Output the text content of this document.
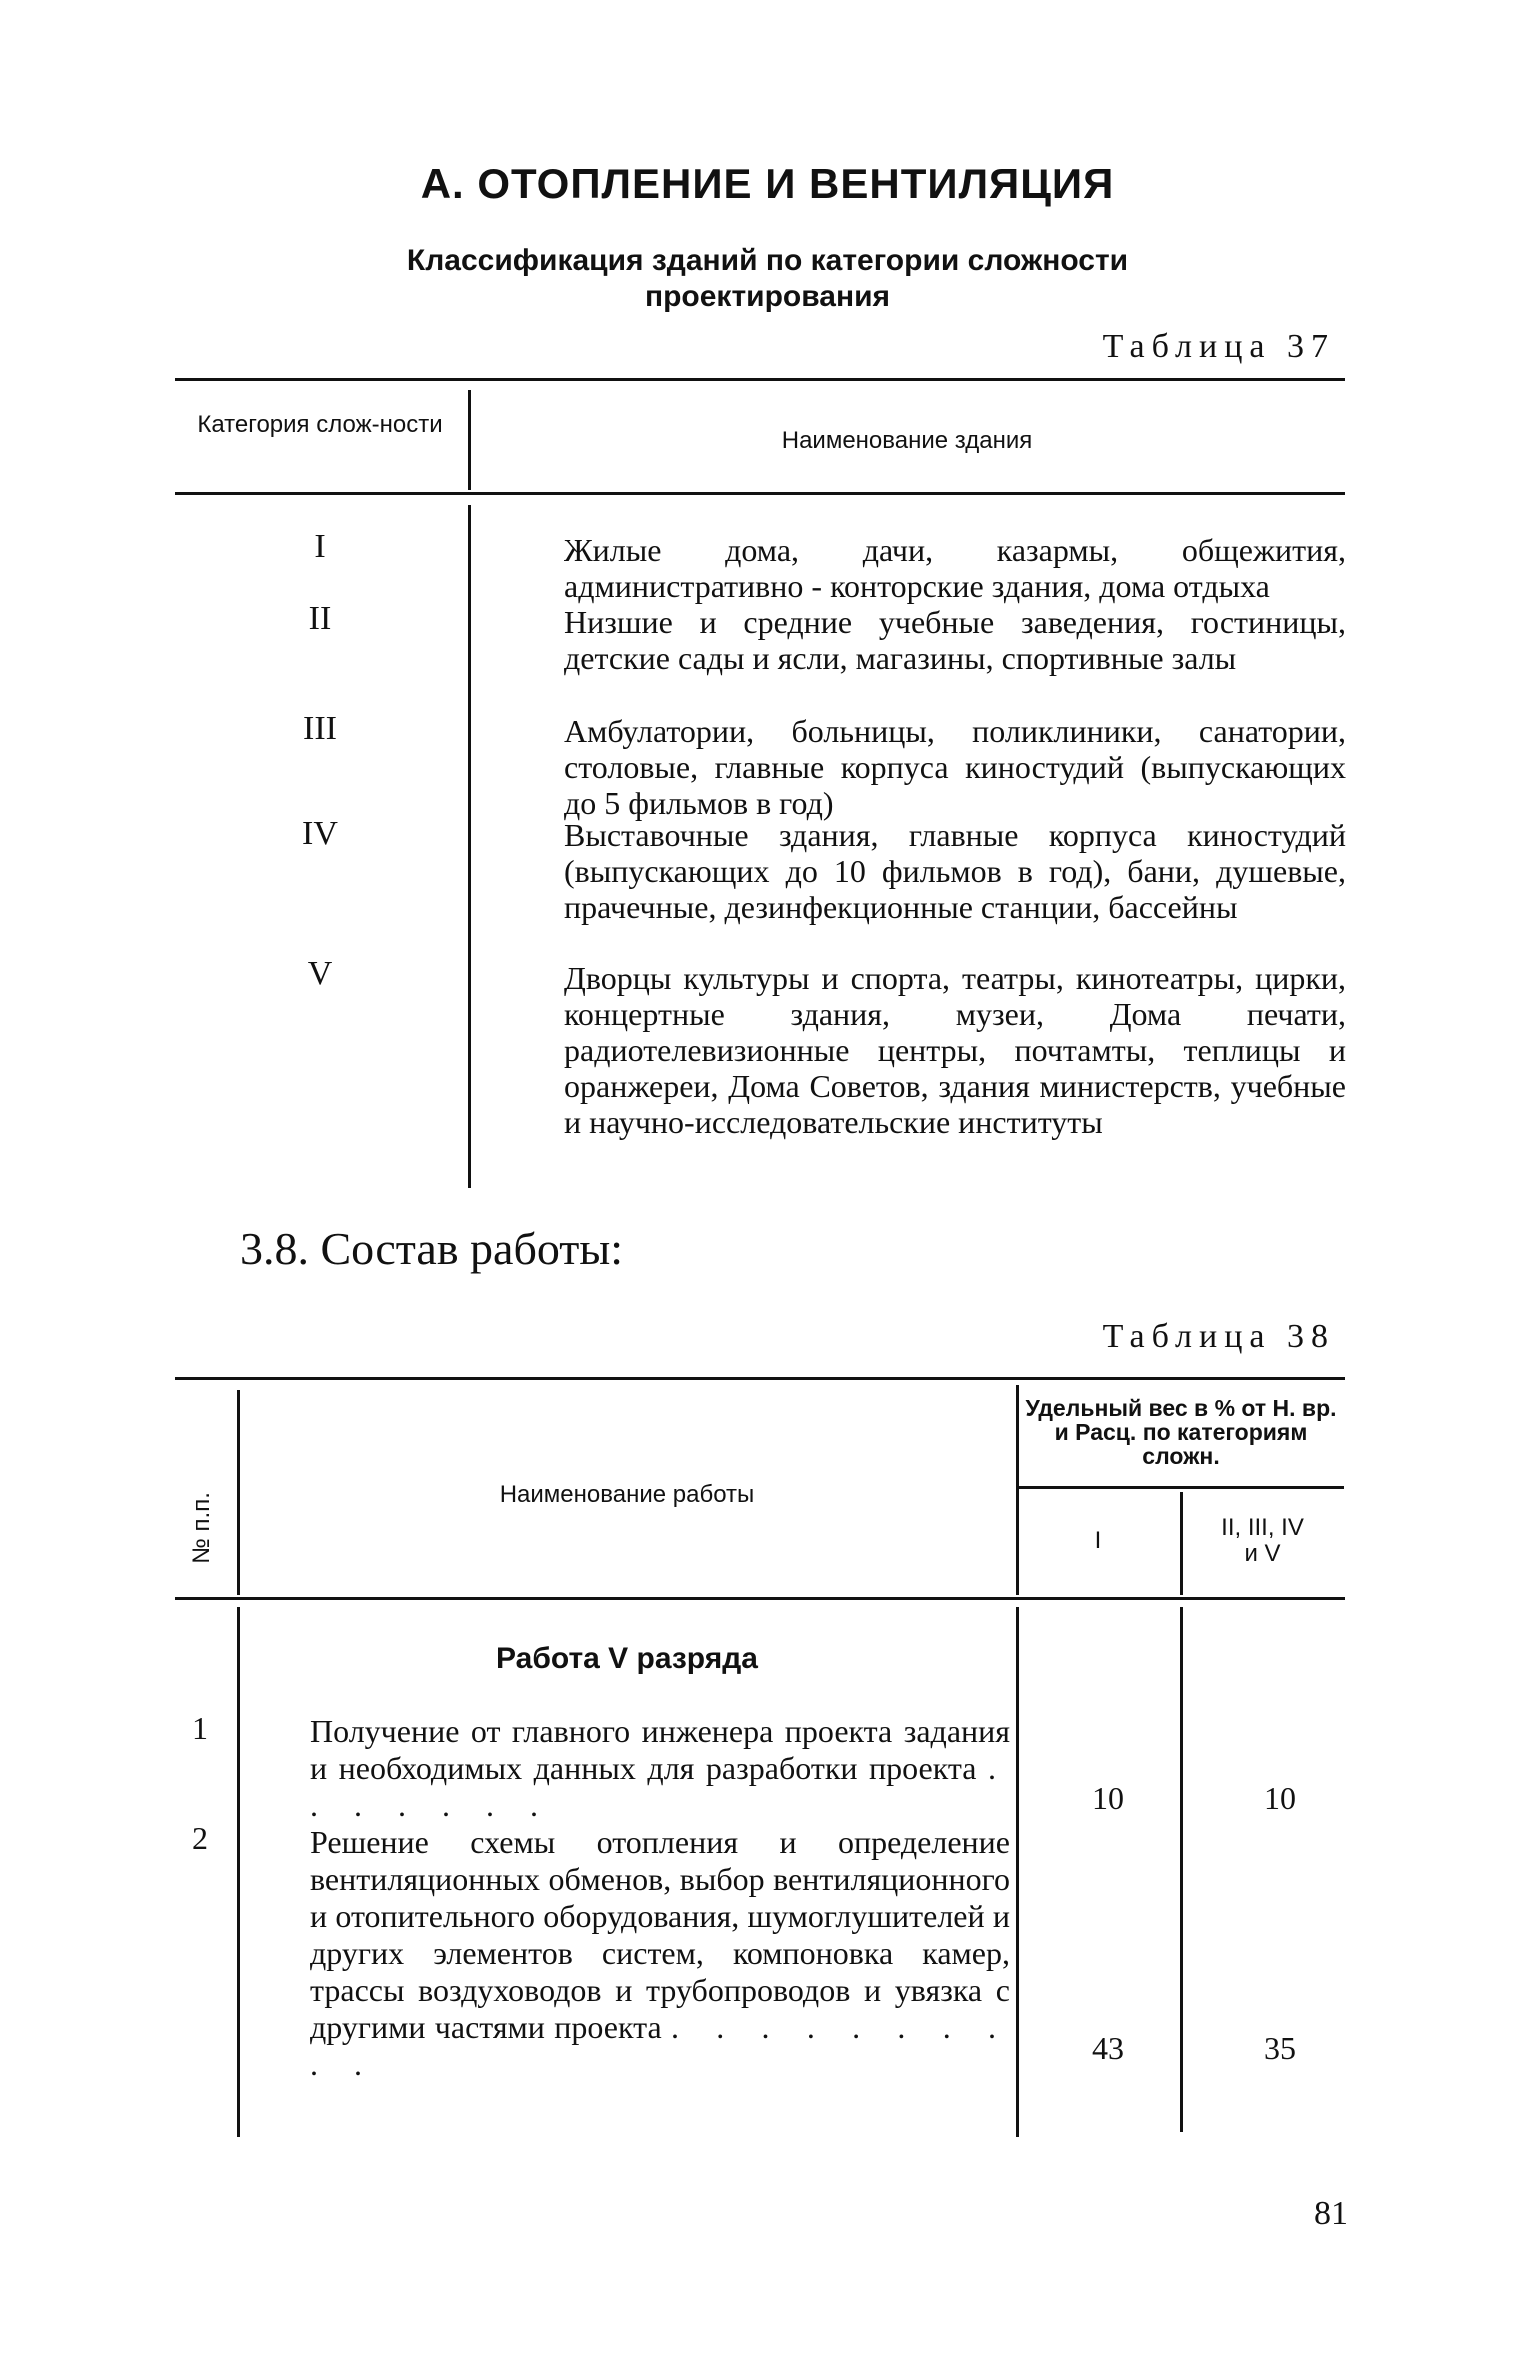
А. ОТОПЛЕНИЕ И ВЕНТИЛЯЦИЯ
Классификация зданий по категории сложности проектирования
Таблица 37
Категория слож-ности
Наименование здания
I	Жилые дома, дачи, казармы, общежития, административно - конторские здания, дома отдыха
II	Низшие и средние учебные заведения, гостиницы, детские сады и ясли, магазины, спортивные залы
III	Амбулатории, больницы, поликлиники, санатории, столовые, главные корпуса киностудий (выпускающих до 5 фильмов в год)
IV	Выставочные здания, главные корпуса киностудий (выпускающих до 10 фильмов в год), бани, душевые, прачечные, дезинфекционные станции, бассейны
V	Дворцы культуры и спорта, театры, кинотеатры, цирки, концертные здания, музеи, Дома печати, радиотелевизионные центры, почтамты, теплицы и оранжереи, Дома Советов, здания министерств, учебные и научно-исследовательские институты
3.8. Состав работы:
Таблица 38
№ п.п.	Наименование работы
Удельный вес в % от Н. вр. и Расц. по категориям сложн.
I	II, III, IV и V
Работа V разряда
1	Получение от главного инженера проекта задания и необходимых данных для разработки проекта . . . . . . .	10	10
2	Решение схемы отопления и определение вентиляционных обменов, выбор вентиляционного и отопительного оборудования, шумоглушителей и других элементов систем, компоновка камер, трассы воздуховодов и трубопроводов и увязка с другими частями проекта . . . . . . . . . .	43	35
81
